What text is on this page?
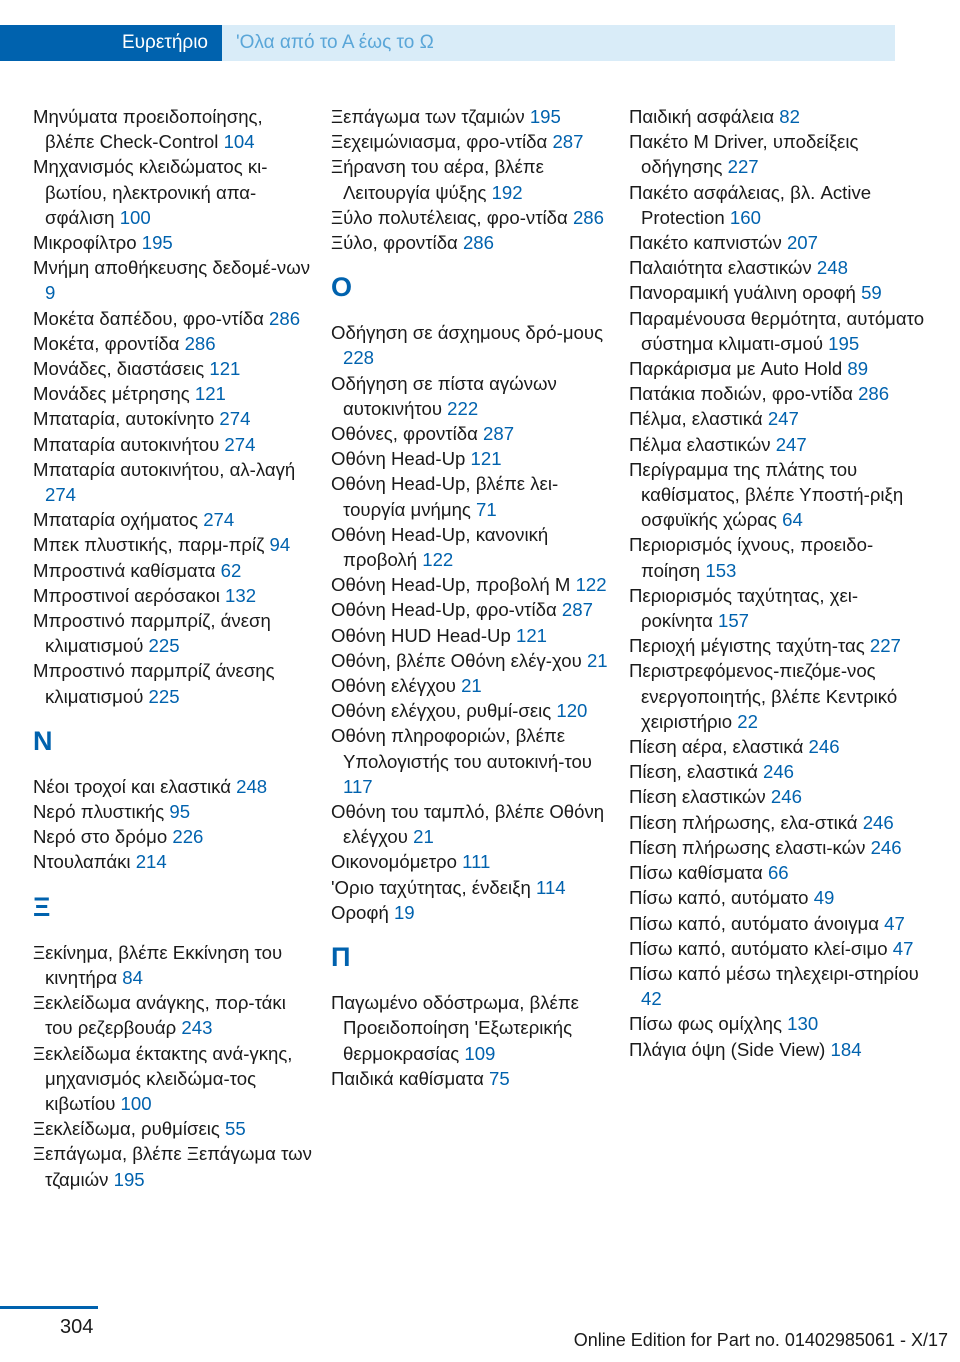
Ευρετήριο	'Ολα από το Α έως το Ω

Μηνύματα προειδοποίησης, βλέπε Check-Control 104

Μηχανισμός κλειδώματος κι-βωτίου, ηλεκτρονική απα-σφάλιση 100

Μικροφίλτρο 195

Μνήμη αποθήκευσης δεδομέ-νων 9

Μοκέτα δαπέδου, φρο-ντίδα 286

Μοκέτα, φροντίδα 286

Μονάδες, διαστάσεις 121

Μονάδες μέτρησης 121

Μπαταρία, αυτοκίνητο 274

Μπαταρία αυτοκινήτου 274

Μπαταρία αυτοκινήτου, αλ-λαγή 274

Μπαταρία οχήματος 274

Μπεκ πλυστικής, παρμ-πρίζ 94

Μπροστινά καθίσματα 62

Μπροστινοί αερόσακοι 132

Μπροστινό παρμπρίζ, άνεση κλιματισμού 225

Μπροστινό παρμπρίζ άνεσης κλιματισμού 225

Ν

Νέοι τροχοί και ελαστικά 248

Νερό πλυστικής 95

Νερό στο δρόμο 226

Ντουλαπάκι 214

Ξ

Ξεκίνημα, βλέπε Εκκίνηση του κινητήρα 84

Ξεκλείδωμα ανάγκης, πορ-τάκι του ρεζερβουάρ 243

Ξεκλείδωμα έκτακτης ανά-γκης, μηχανισμός κλειδώμα-τος κιβωτίου 100

Ξεκλείδωμα, ρυθμίσεις 55

Ξεπάγωμα, βλέπε Ξεπάγωμα των τζαμιών 195

Ξεπάγωμα των τζαμιών 195

Ξεχειμώνιασμα, φρο-ντίδα 287

Ξήρανση του αέρα, βλέπε Λειτουργία ψύξης 192

Ξύλο πολυτέλειας, φρο-ντίδα 286

Ξύλο, φροντίδα 286

Ο

Οδήγηση σε άσχημους δρό-μους 228

Οδήγηση σε πίστα αγώνων αυτοκινήτου 222

Οθόνες, φροντίδα 287

Οθόνη Head-Up 121

Οθόνη Head-Up, βλέπε λει-τουργία μνήμης 71

Οθόνη Head-Up, κανονική προβολή 122

Οθόνη Head-Up, προβολή M 122

Οθόνη Head-Up, φρο-ντίδα 287

Οθόνη HUD Head-Up 121

Οθόνη, βλέπε Οθόνη ελέγ-χου 21

Οθόνη ελέγχου 21

Οθόνη ελέγχου, ρυθμί-σεις 120

Οθόνη πληροφοριών, βλέπε Υπολογιστής του αυτοκινή-του 117

Οθόνη του ταμπλό, βλέπε Οθόνη ελέγχου 21

Οικονομόμετρο 111

'Οριο ταχύτητας, ένδειξη 114

Οροφή 19

Π

Παγωμένο οδόστρωμα, βλέπε Προειδοποίηση 'Εξωτερικής θερμοκρασίας 109

Παιδικά καθίσματα 75

Παιδική ασφάλεια 82

Πακέτο M Driver, υποδείξεις οδήγησης 227

Πακέτο ασφάλειας, βλ. Active Protection 160

Πακέτο καπνιστών 207

Παλαιότητα ελαστικών 248

Πανοραμική γυάλινη οροφή 59

Παραμένουσα θερμότητα, αυτόματο σύστημα κλιματι-σμού 195

Παρκάρισμα με Auto Hold 89

Πατάκια ποδιών, φρο-ντίδα 286

Πέλμα, ελαστικά 247

Πέλμα ελαστικών 247

Περίγραμμα της πλάτης του καθίσματος, βλέπε Υποστή-ριξη οσφυϊκής χώρας 64

Περιορισμός ίχνους, προειδο-ποίηση 153

Περιορισμός ταχύτητας, χει-ροκίνητα 157

Περιοχή μέγιστης ταχύτη-τας 227

Περιστρεφόμενος-πιεζόμε-νος ενεργοποιητής, βλέπε Κεντρικό χειριστήριο 22

Πίεση αέρα, ελαστικά 246

Πίεση, ελαστικά 246

Πίεση ελαστικών 246

Πίεση πλήρωσης, ελα-στικά 246

Πίεση πλήρωσης ελαστι-κών 246

Πίσω καθίσματα 66

Πίσω καπό, αυτόματο 49

Πίσω καπό, αυτόματο άνοιγμα 47

Πίσω καπό, αυτόματο κλεί-σιμο 47

Πίσω καπό μέσω τηλεχειρι-στηρίου 42

Πίσω φως ομίχλης 130

Πλάγια όψη (Side View) 184

304
Online Edition for Part no. 01402985061 - X/17
